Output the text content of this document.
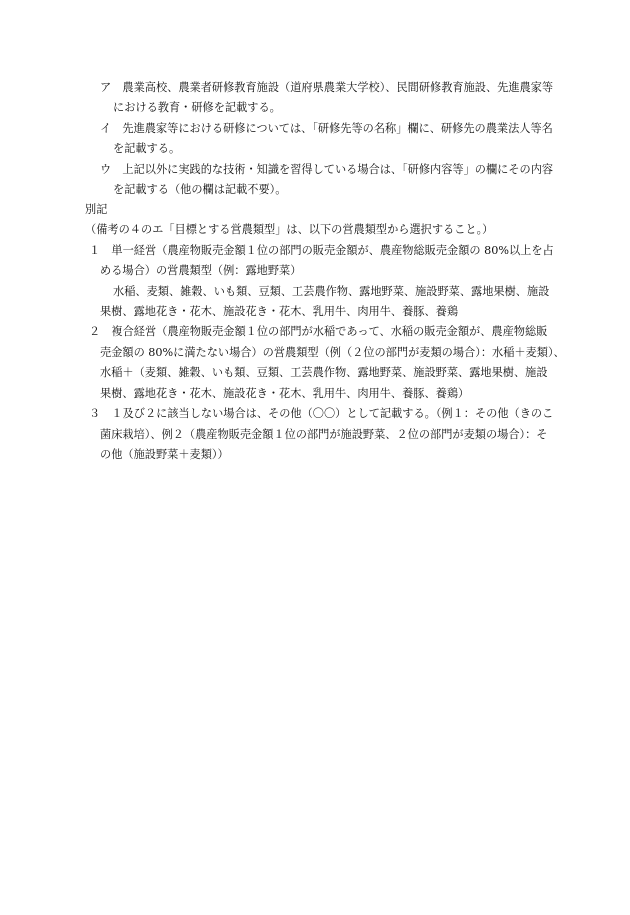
ア　農業高校、農業者研修教育施設（道府県農業大学校）、民間研修教育施設、先進農家等
における教育・研修を記載する。
イ　先進農家等における研修については、「研修先等の名称」欄に、研修先の農業法人等名
を記載する。
ウ　上記以外に実践的な技術・知識を習得している場合は、「研修内容等」の欄にその内容
を記載する（他の欄は記載不要）。
別記
（備考の４のエ「目標とする営農類型」は、以下の営農類型から選択すること。）
１　単一経営（農産物販売金額１位の部門の販売金額が、農産物総販売金額の 80%以上を占
める場合）の営農類型（例：露地野菜）
水稲、麦類、雑穀、いも類、豆類、工芸農作物、露地野菜、施設野菜、露地果樹、施設
果樹、露地花き・花木、施設花き・花木、乳用牛、肉用牛、養豚、養鶏
２　複合経営（農産物販売金額１位の部門が水稲であって、水稲の販売金額が、農産物総販
売金額の 80%に満たない場合）の営農類型（例（２位の部門が麦類の場合）：水稲＋麦類）、
水稲＋（麦類、雑穀、いも類、豆類、工芸農作物、露地野菜、施設野菜、露地果樹、施設
果樹、露地花き・花木、施設花き・花木、乳用牛、肉用牛、養豚、養鶏）
３　１及び２に該当しない場合は、その他（〇〇）として記載する。（例１：その他（きのこ
菌床栽培）、例２（農産物販売金額１位の部門が施設野菜、２位の部門が麦類の場合）：そ
の他（施設野菜＋麦類））
